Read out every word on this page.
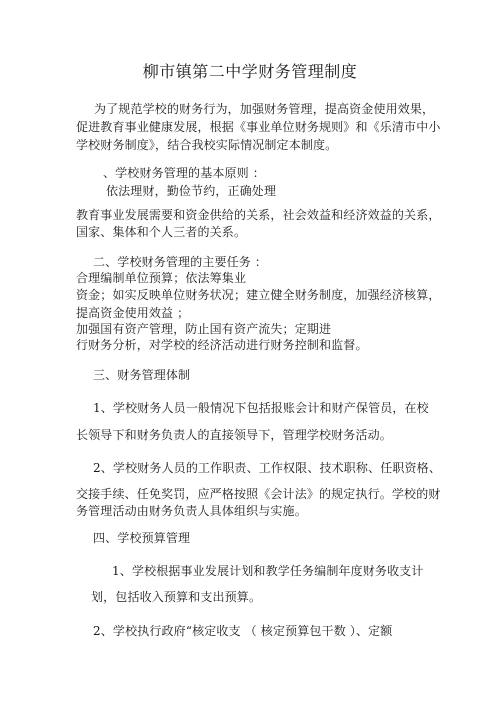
柳市镇第二中学财务管理制度
为了规范学校的财务行为，加强财务管理，提高资金使用效果，
促进教育事业健康发展，根据《事业单位财务规则》和《乐清市中小
学校财务制度》，结合我校实际情况制定本制度。
、学校财务管理的基本原则 ：
依法理财，勤俭节约，正确处理
教育事业发展需要和资金供给的关系，社会效益和经济效益的关系，
国家、集体和个人三者的关系。
二、学校财务管理的主要任务 ：
合理编制单位预算；依法筹集业
资金；如实反映单位财务状况；建立健全财务制度，加强经济核算，
提高资金使用效益 ；
加强国有资产管理，防止国有资产流失；定期进
行财务分析，对学校的经济活动进行财务控制和监督。
三、财务管理体制
1、学校财务人员一般情况下包括报账会计和财产保管员，在校
长领导下和财务负责人的直接领导下，管理学校财务活动。
2、学校财务人员的工作职责、工作权限、技术职称、任职资格、
交接手续、任免奖罚，应严格按照《会计法》的规定执行。学校的财
务管理活动由财务负责人具体组织与实施。
四、学校预算管理
1、学校根据事业发展计划和教学任务编制年度财务收支计
划，包括收入预算和支出预算。
2、学校执行政府“核定收支 （ 核定预算包干数 ）、定额
